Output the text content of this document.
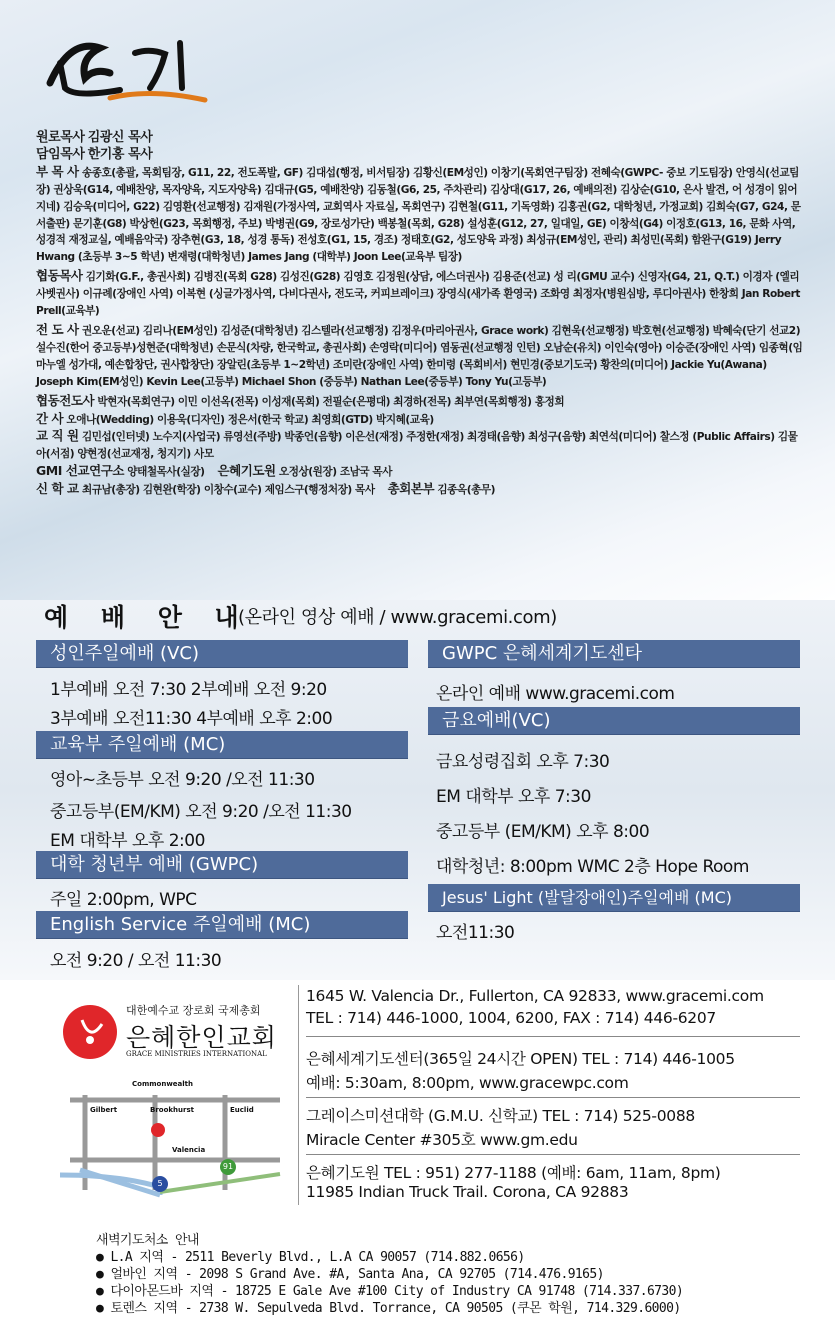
원로목사 김광신 목사

담임목사 한기홍 목사

부 목 사 송종호(총괄, 목회팀장, G11, 22, 전도폭발, GF) 김대섭(행정, 비서팀장) 김황신(EM성인) 이창기(목회연구팀장) 전혜숙(GWPC- 중보 기도팀장) 안영식(선교팀장) 권상욱(G14, 예배찬양, 목자양육, 지도자양육) 김대규(G5, 예배찬양) 김동철(G6, 25, 주차관리) 김상대(G17, 26, 예배의전) 김상순(G10, 은사 발견, 어 성경이 읽어지네) 김승욱(미디어, G22) 김영환(선교행정) 김재원(가정사역, 교회역사 자료실, 목회연구) 김현철(G11, 기독영화) 김홍권(G2, 대학청년, 가정교회) 김희숙(G7, G24, 문서출판) 문기훈(G8) 박상헌(G23, 목회행정, 주보) 박병권(G9, 장로성가단) 백봉철(목회, G28) 설성훈(G12, 27, 일대일, GE) 이창석(G4) 이정호(G13, 16, 문화 사역, 성경적 재정교실, 예배음악국) 장추현(G3, 18, 성경 통독) 전성호(G1, 15, 경조) 정태호(G2, 성도양육 과정) 최성규(EM성인, 관리) 최성민(목회) 함완구(G19) Jerry Hwang (초등부 3~5 학년) 변재령(대학청년) James Jang (대학부) Joon Lee(교육부 팀장)

협동목사 김기화(G.F., 총권사회) 김병진(목회 G28) 김성진(G28) 김영호 김정원(상담, 에스더권사) 김용준(선교) 성 리(GMU 교수) 신영자(G4, 21, Q.T.) 이경자 (엘리사벳권사) 이규례(장애인 사역) 이복현 (싱글가정사역, 다비다권사, 전도국, 커피브레이크) 장영식(새가족 환영국) 조화영 최정자(병원심방, 루디아권사) 한창희 Jan Robert Prell(교육부)

전 도 사 권오운(선교) 김리나(EM성인) 김성준(대학청년) 김스텔라(선교행정) 김정우(마리아권사, Grace work) 김현욱(선교행정) 박호현(선교행정) 박혜숙(단기 선교2) 설수진(한어 중고등부)성현준(대학청년) 손문식(차량, 한국학교, 총권사회) 손영락(미디어) 염동권(선교행정 인턴) 오남순(유치) 이인숙(영아) 이승준(장애인 사역) 임종혁(임마누엘 성가대, 예손합창단, 권사합창단) 장알린(초등부 1~2학년) 조미란(장애인 사역) 한미령 (목회비서) 현민경(중보기도국) 황찬의(미디어) Jackie Yu(Awana) Joseph Kim(EM성인) Kevin Lee(고등부) Michael Shon (중등부) Nathan Lee(중등부) Tony Yu(고등부)

협동전도사 박현자(목회연구) 이민 이선옥(전목) 이성재(목회) 전필순(은평대) 최경하(전목) 최부연(목회행정) 홍정희

간 사 오애나(Wedding) 이용욱(디자인) 정은서(한국 학교) 최영희(GTD) 박지혜(교육)

교 직 원 김민섭(인터넷) 노수지(사업국) 류영선(주방) 박종언(음향) 이은선(재정) 주정한(재정) 최경태(음향) 최성구(음향) 최연석(미디어) 찰스정 (Public Affairs) 김물아(서점) 양현정(선교재정, 청지기) 사모

GMI 선교연구소 양태철목사(실장) 은혜기도원 오정상(원장) 조남국 목사

신 학 교 최규남(총장) 김현완(학장) 이창수(교수) 제임스구(행정처장) 목사 총회본부 김종옥(총무)

예 배 안 내
(온라인 영상 예배 / www.gracemi.com)
성인주일예배 (VC)
1부예배 오전 7:30 2부예배 오전 9:20
3부예배 오전11:30 4부예배 오후 2:00
교육부 주일예배 (MC)
영아~초등부 오전 9:20 /오전 11:30
중고등부(EM/KM) 오전 9:20 /오전 11:30
EM 대학부 오후 2:00
대학 청년부 예배 (GWPC)
주일 2:00pm, WPC
English Service 주일예배 (MC)
오전 9:20 / 오전 11:30
GWPC 은혜세계기도센타
온라인 예배 www.gracemi.com
금요예배(VC)
금요성령집회 오후 7:30
EM 대학부 오후 7:30
중고등부 (EM/KM) 오후 8:00
대학청년: 8:00pm WMC 2층 Hope Room
Jesus' Light (발달장애인)주일예배 (MC)
오전11:30
대한예수교 장로회 국제총회
은혜한인교회
GRACE MINISTRIES INTERNATIONAL
Commonwealth
Gilbert	Brookhurst	Euclid
Valencia
91
5
1645 W. Valencia Dr., Fullerton, CA 92833, www.gracemi.com
TEL : 714) 446-1000, 1004, 6200, FAX : 714) 446-6207
은혜세계기도센터(365일 24시간 OPEN) TEL : 714) 446-1005
예배: 5:30am, 8:00pm, www.gracewpc.com
그레이스미션대학 (G.M.U. 신학교) TEL : 714) 525-0088
Miracle Center #305호 www.gm.edu
은혜기도원 TEL : 951) 277-1188 (예배: 6am, 11am, 8pm)
11985 Indian Truck Trail. Corona, CA 92883
새벽기도처소 안내
● L.A 지역 - 2511 Beverly Blvd., L.A CA 90057 (714.882.0656)
● 얼바인 지역 - 2098 S Grand Ave. #A, Santa Ana, CA 92705 (714.476.9165)
● 다이아몬드바 지역 - 18725 E Gale Ave #100 City of Industry CA 91748 (714.337.6730)
● 토렌스 지역 - 2738 W. Sepulveda Blvd. Torrance, CA 90505 (쿠몬 학원, 714.329.6000)
